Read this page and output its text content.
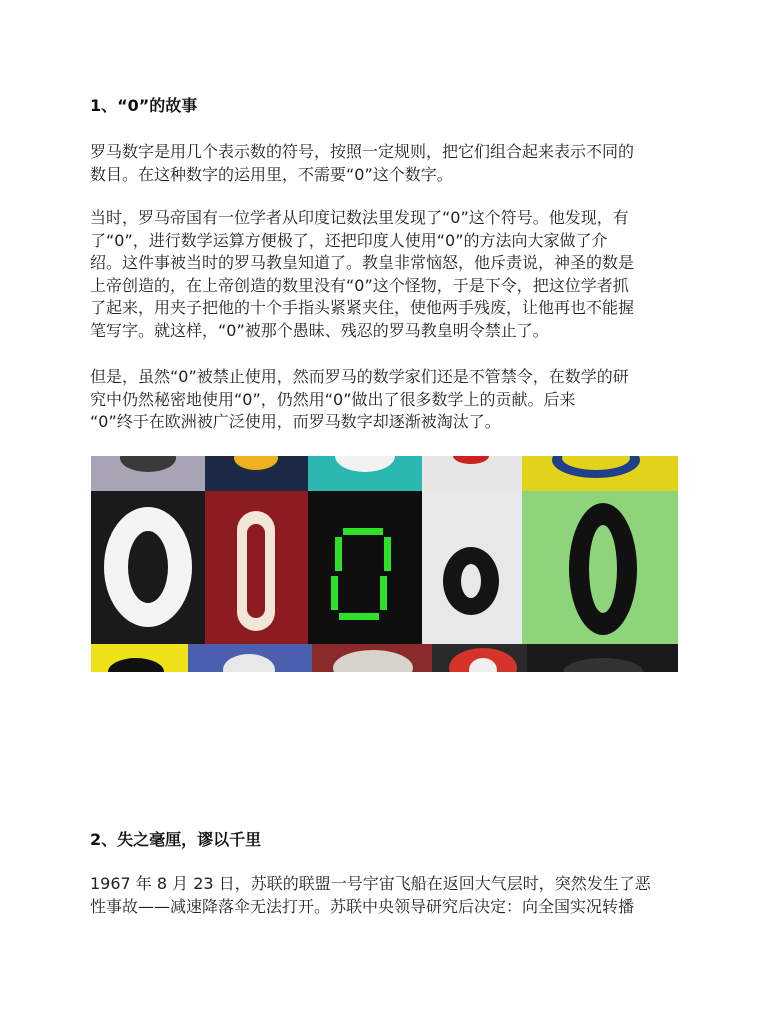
1、“0”的故事
罗马数字是用几个表示数的符号，按照一定规则，把它们组合起来表示不同的
数目。在这种数字的运用里，不需要“0”这个数字。
当时，罗马帝国有一位学者从印度记数法里发现了“0”这个符号。他发现，有
了“0”，进行数学运算方便极了，还把印度人使用“0”的方法向大家做了介
绍。这件事被当时的罗马教皇知道了。教皇非常恼怒，他斥责说，神圣的数是
上帝创造的，在上帝创造的数里没有“0”这个怪物，于是下令，把这位学者抓
了起来，用夹子把他的十个手指头紧紧夹住，使他两手残废，让他再也不能握
笔写字。就这样，“0”被那个愚昧、残忍的罗马教皇明令禁止了。
但是，虽然“0”被禁止使用，然而罗马的数学家们还是不管禁令，在数学的研
究中仍然秘密地使用“0”，仍然用“0”做出了很多数学上的贡献。后来
“0”终于在欧洲被广泛使用，而罗马数字却逐渐被淘汰了。
2、失之毫厘，谬以千里
1967 年 8 月 23 日，苏联的联盟一号宇宙飞船在返回大气层时，突然发生了恶
性事故——减速降落伞无法打开。苏联中央领导研究后决定：向全国实况转播
